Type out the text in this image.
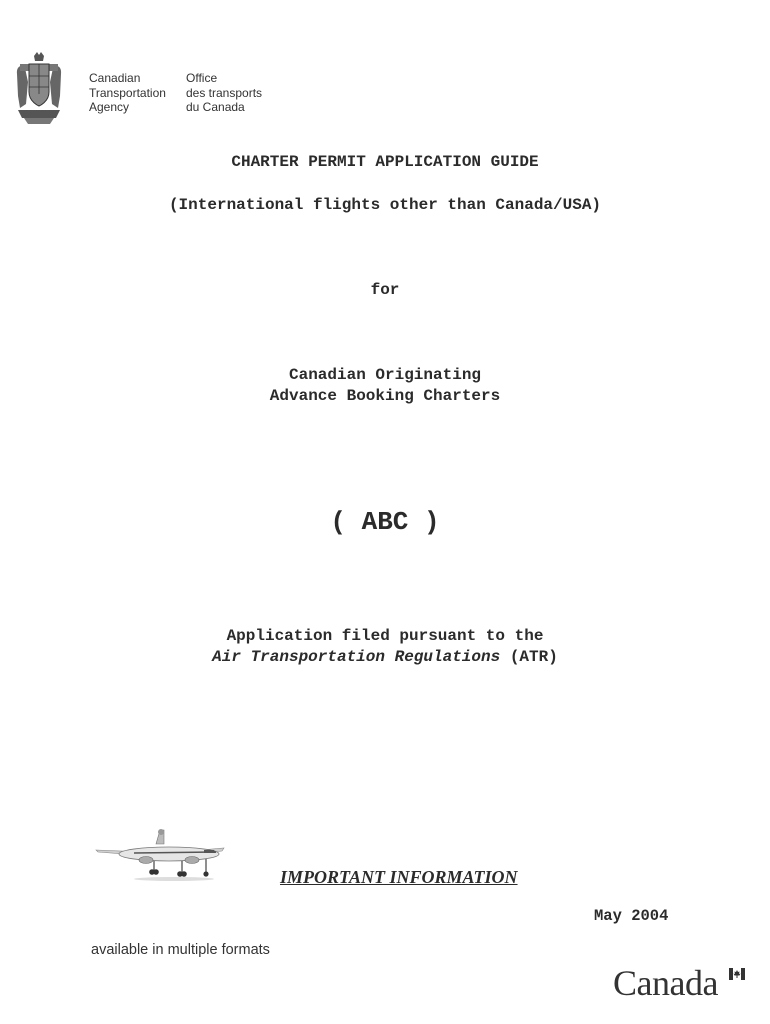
Canadian
Transportation
Agency
Office
des transports
du Canada
CHARTER PERMIT APPLICATION GUIDE
(International flights other than Canada/USA)
for
Canadian Originating
Advance Booking Charters
( ABC )
Application filed pursuant to the
Air Transportation Regulations (ATR)
IMPORTANT INFORMATION
May 2004
available in multiple formats
Canada
